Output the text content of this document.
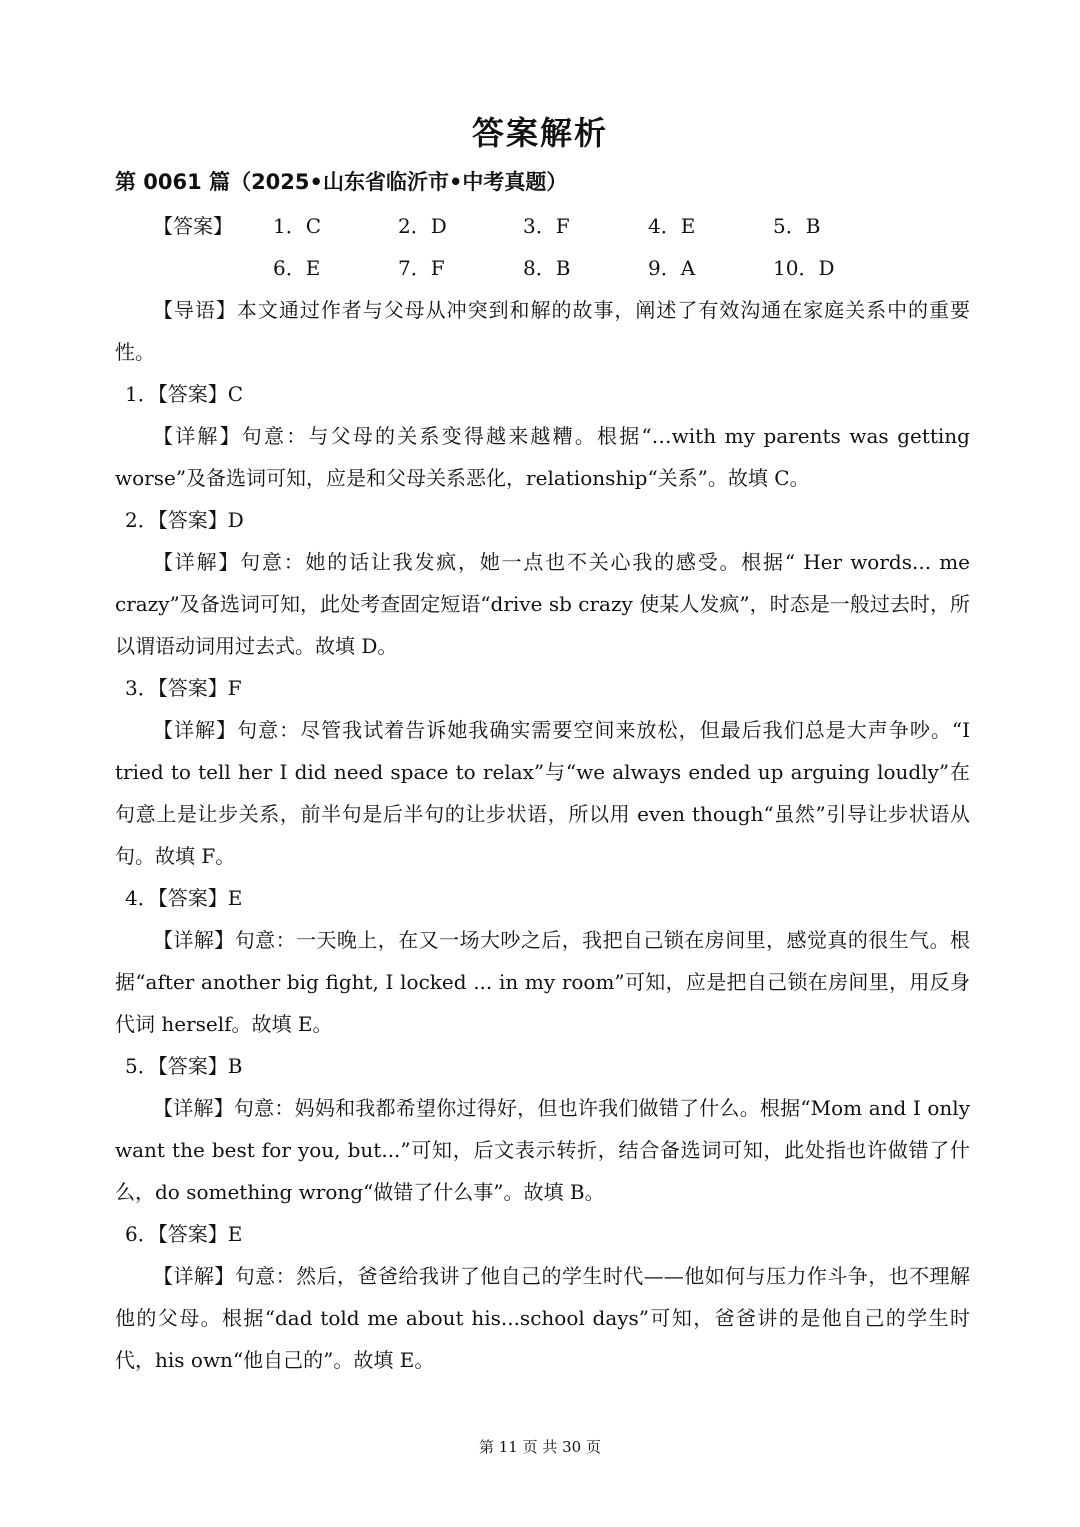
答案解析
第 0061 篇（2025•山东省临沂市•中考真题）
【答案】	1．C	2．D	3．F	4．E	5．B
6．E	7．F	8．B	9．A	10．D

【导语】本文通过作者与父母从冲突到和解的故事，阐述了有效沟通在家庭关系中的重要性。

1．【答案】C

【详解】句意：与父母的关系变得越来越糟。根据“…with my parents was getting worse”及备选词可知，应是和父母关系恶化，relationship“关系”。故填 C。

2．【答案】D

【详解】句意：她的话让我发疯，她一点也不关心我的感受。根据“ Her words... me crazy”及备选词可知，此处考查固定短语“drive sb crazy 使某人发疯”，时态是一般过去时，所以谓语动词用过去式。故填 D。

3．【答案】F

【详解】句意：尽管我试着告诉她我确实需要空间来放松，但最后我们总是大声争吵。“I tried to tell her I did need space to relax”与“we always ended up arguing loudly”在句意上是让步关系，前半句是后半句的让步状语，所以用 even though“虽然”引导让步状语从句。故填 F。

4．【答案】E

【详解】句意：一天晚上，在又一场大吵之后，我把自己锁在房间里，感觉真的很生气。根据“after another big fight, I locked ... in my room”可知，应是把自己锁在房间里，用反身代词 herself。故填 E。

5．【答案】B

【详解】句意：妈妈和我都希望你过得好，但也许我们做错了什么。根据“Mom and I only want the best for you, but...”可知，后文表示转折，结合备选词可知，此处指也许做错了什么，do something wrong“做错了什么事”。故填 B。

6．【答案】E

【详解】句意：然后，爸爸给我讲了他自己的学生时代——他如何与压力作斗争，也不理解他的父母。根据“dad told me about his...school days”可知，爸爸讲的是他自己的学生时代，his own“他自己的”。故填 E。

第 11 页 共 30 页
